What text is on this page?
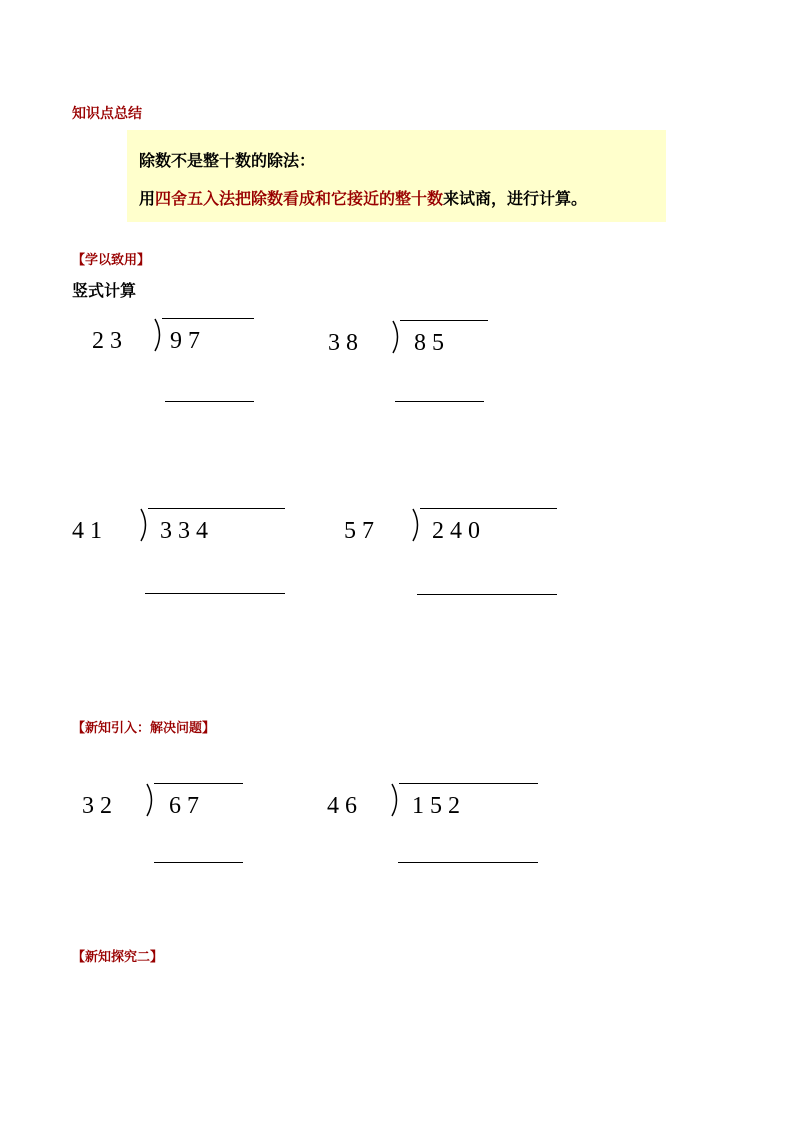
知识点总结
除数不是整十数的除法：
用四舍五入法把除数看成和它接近的整十数来试商，进行计算。
【学以致用】
竖式计算
2 3 9 7	3 8 8 5
4 1 3 3 4	5 7 2 4 0
【新知引入：解决问题】
3 2 6 7	4 6 1 5 2
【新知探究二】
